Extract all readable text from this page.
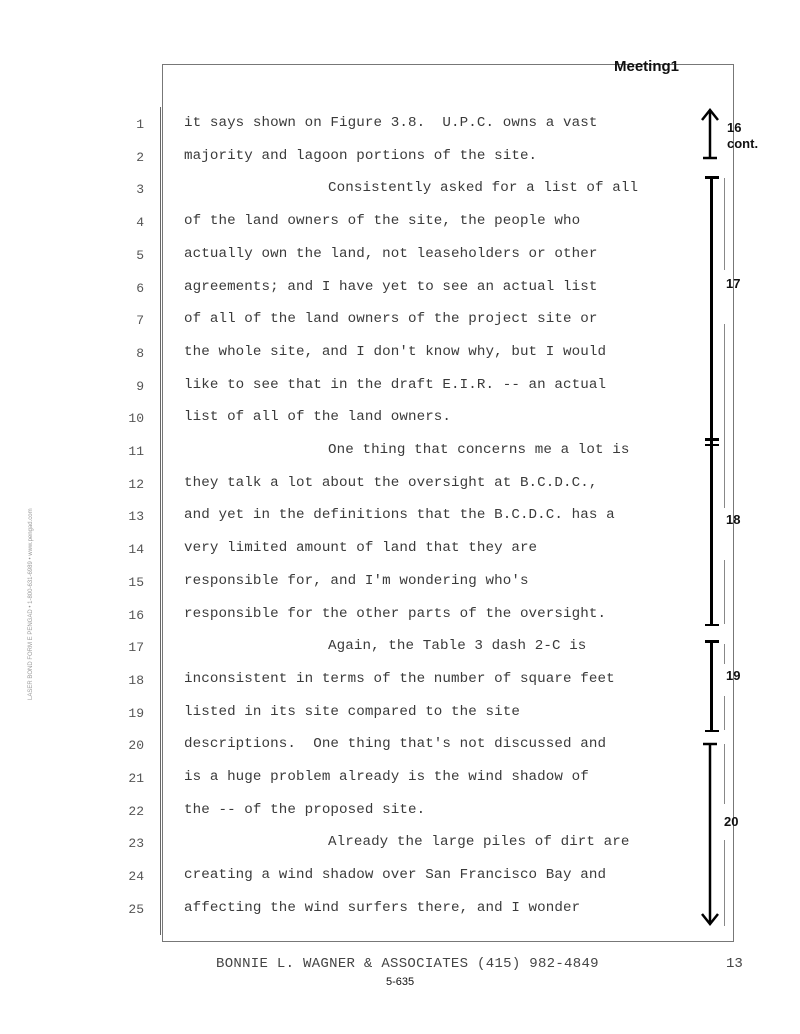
Meeting1
1	it says shown on Figure 3.8.  U.P.C. owns a vast
2	majority and lagoon portions of the site.
3	Consistently asked for a list of all
4	of the land owners of the site, the people who
5	actually own the land, not leaseholders or other
6	agreements; and I have yet to see an actual list
7	of all of the land owners of the project site or
8	the whole site, and I don't know why, but I would
9	like to see that in the draft E.I.R. -- an actual
10	list of all of the land owners.
11	One thing that concerns me a lot is
12	they talk a lot about the oversight at B.C.D.C.,
13	and yet in the definitions that the B.C.D.C. has a
14	very limited amount of land that they are
15	responsible for, and I'm wondering who's
16	responsible for the other parts of the oversight.
17	Again, the Table 3 dash 2-C is
18	inconsistent in terms of the number of square feet
19	listed in its site compared to the site
20	descriptions.  One thing that's not discussed and
21	is a huge problem already is the wind shadow of
22	the -- of the proposed site.
23	Already the large piles of dirt are
24	creating a wind shadow over San Francisco Bay and
25	affecting the wind surfers there, and I wonder
16
cont.
17
18
19
20
LASER BOND FORM E PENGAD • 1-800-631-6989 • www.pengad.com
BONNIE L. WAGNER & ASSOCIATES (415) 982-4849	13
5-635
